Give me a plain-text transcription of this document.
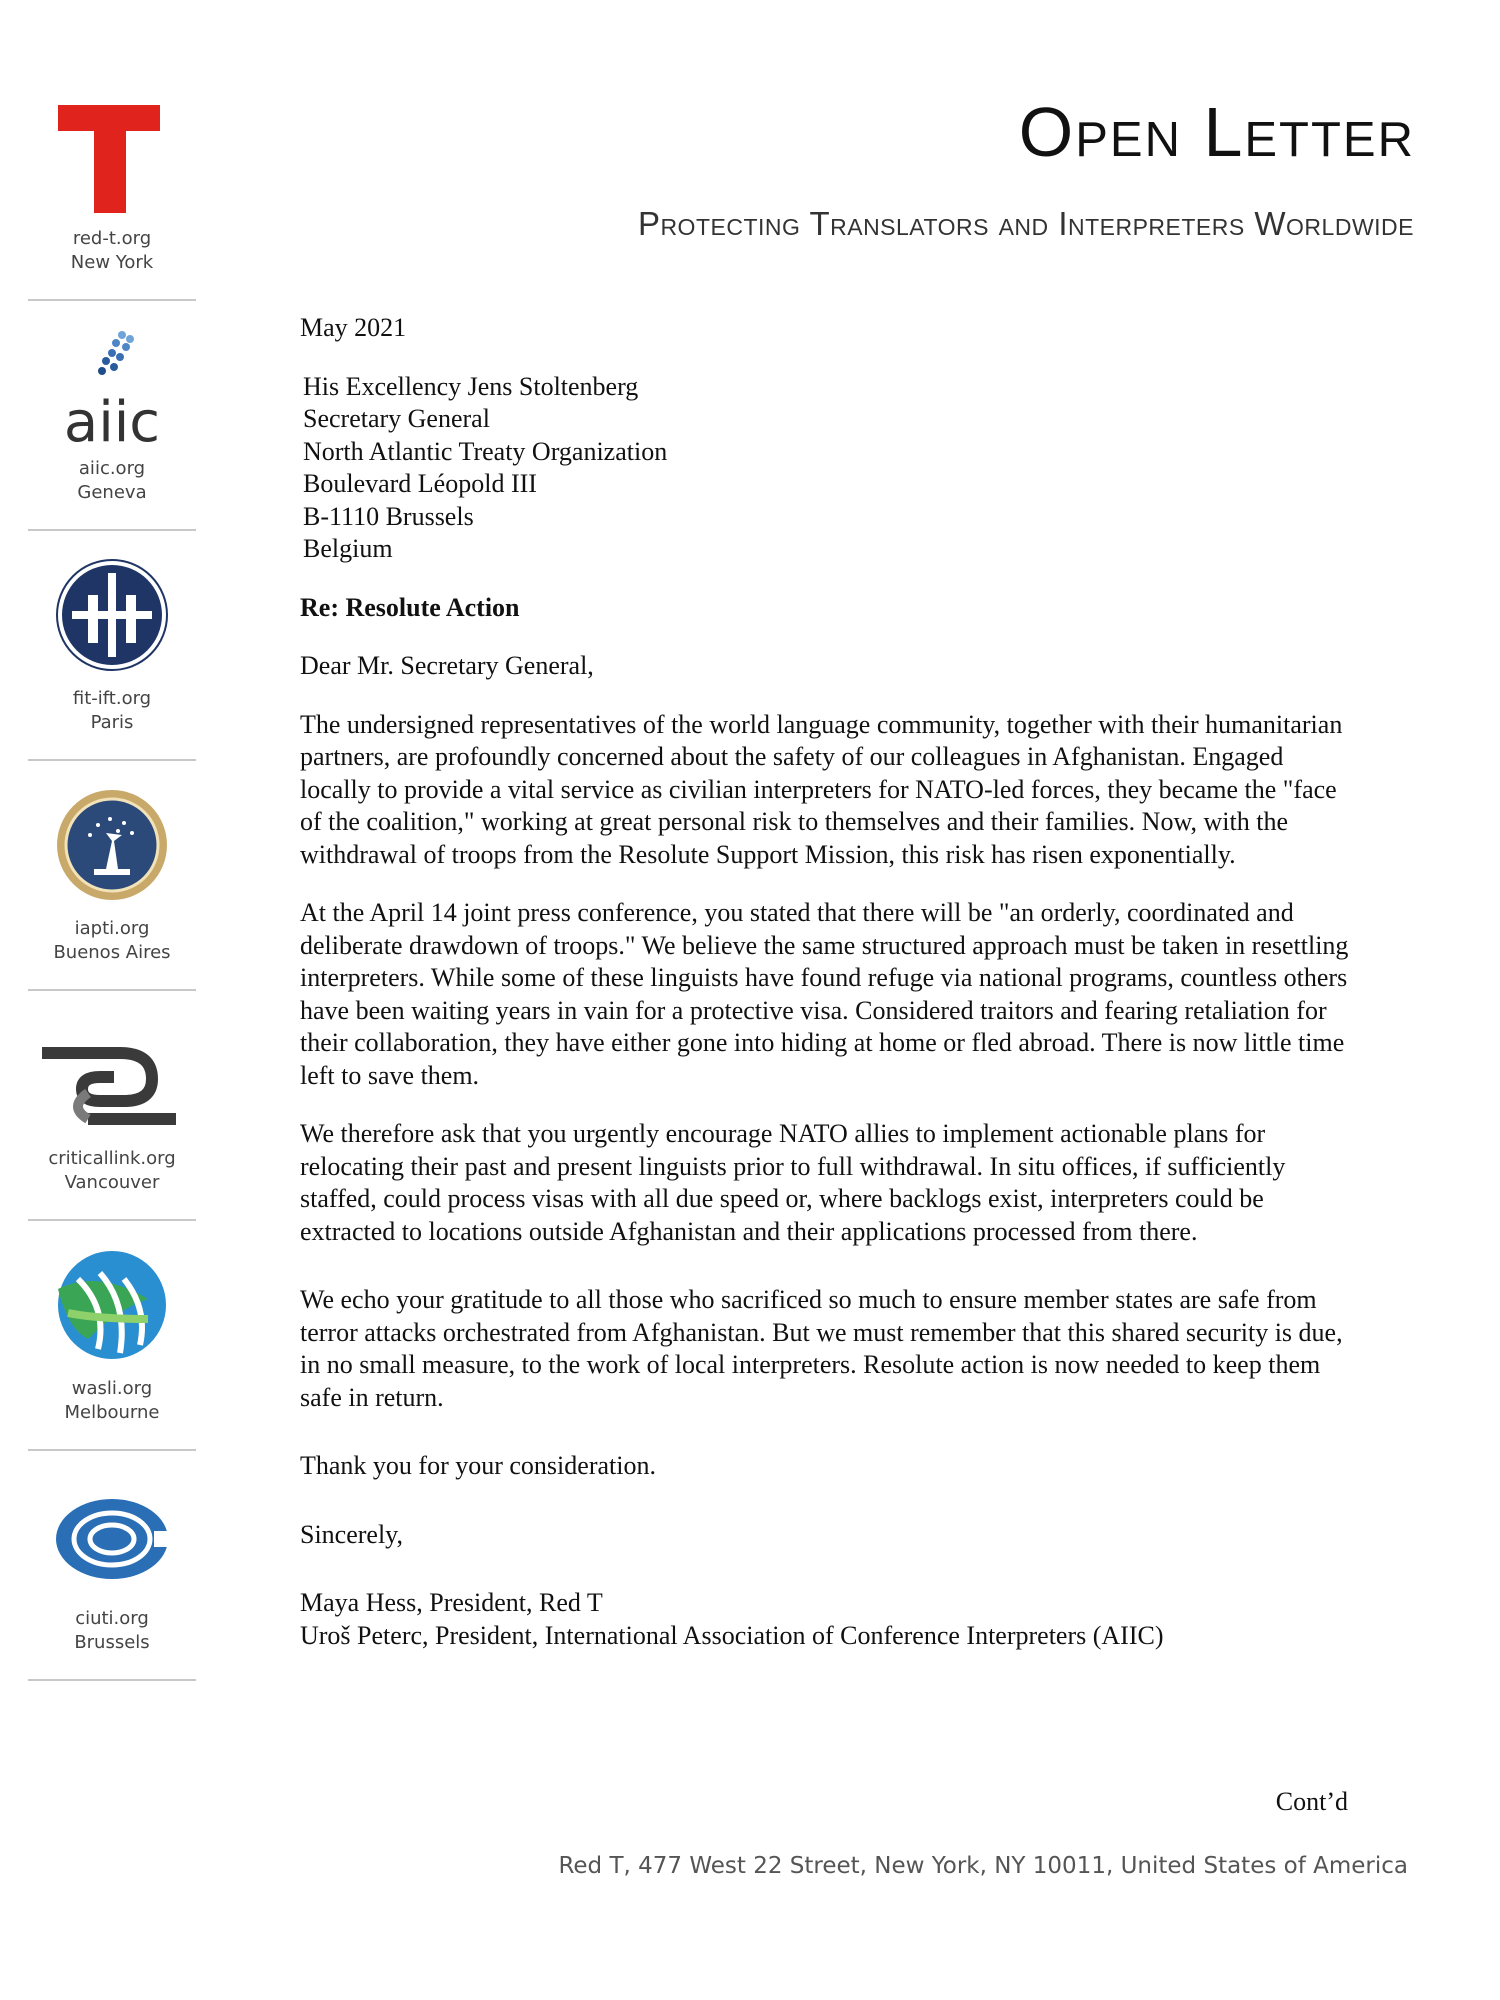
Open Letter
Protecting Translators and Interpreters Worldwide
red-t.org
New York
aiic
aiic.org
Geneva
fit-ift.org
Paris
iapti.org
Buenos Aires
criticallink.org
Vancouver
wasli.org
Melbourne
ciuti.org
Brussels

May 2021

His Excellency Jens Stoltenberg
Secretary General
North Atlantic Treaty Organization
Boulevard Léopold III
B-1110 Brussels
Belgium

Re: Resolute Action

Dear Mr. Secretary General,

The undersigned representatives of the world language community, together with their humanitarian partners, are profoundly concerned about the safety of our colleagues in Afghanistan. Engaged locally to provide a vital service as civilian interpreters for NATO-led forces, they became the "face of the coalition," working at great personal risk to themselves and their families. Now, with the withdrawal of troops from the Resolute Support Mission, this risk has risen exponentially.

At the April 14 joint press conference, you stated that there will be "an orderly, coordinated and deliberate drawdown of troops." We believe the same structured approach must be taken in resettling interpreters. While some of these linguists have found refuge via national programs, countless others have been waiting years in vain for a protective visa. Considered traitors and fearing retaliation for their collaboration, they have either gone into hiding at home or fled abroad. There is now little time left to save them.

We therefore ask that you urgently encourage NATO allies to implement actionable plans for relocating their past and present linguists prior to full withdrawal. In situ offices, if sufficiently staffed, could process visas with all due speed or, where backlogs exist, interpreters could be extracted to locations outside Afghanistan and their applications processed from there.

We echo your gratitude to all those who sacrificed so much to ensure member states are safe from terror attacks orchestrated from Afghanistan. But we must remember that this shared security is due, in no small measure, to the work of local interpreters. Resolute action is now needed to keep them safe in return.

Thank you for your consideration.

Sincerely,

Maya Hess, President, Red T
Uroš Peterc, President, International Association of Conference Interpreters (AIIC)
Cont’d
Red T, 477 West 22 Street, New York, NY 10011, United States of America
